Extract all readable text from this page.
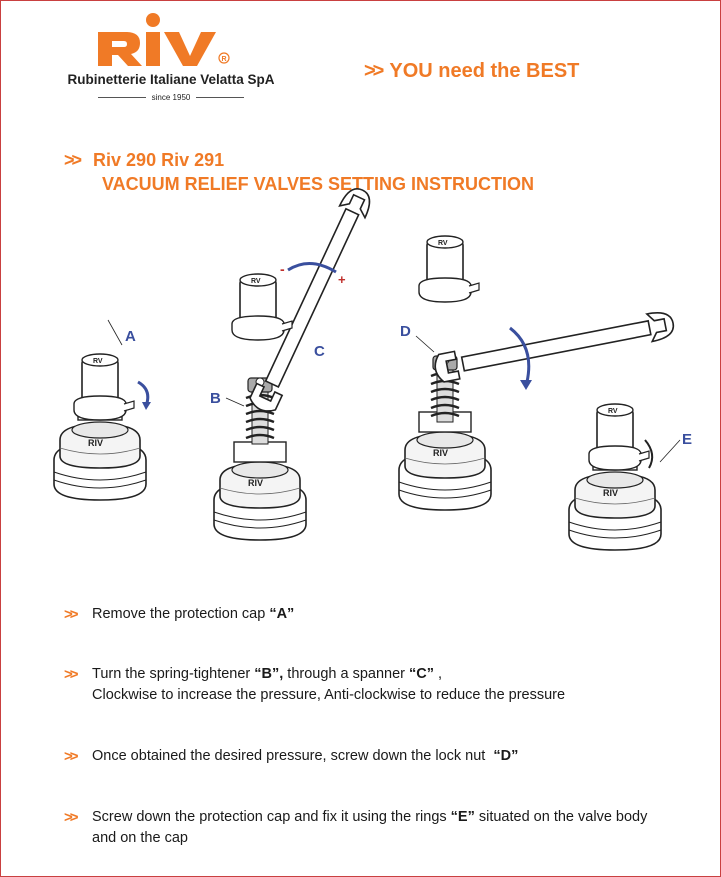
R
Rubinetterie Italiane Velatta SpA
since 1950
>> YOU need the BEST
>> Riv 290 Riv 291
VACUUM RELIEF VALVES SETTING INSTRUCTION
RIV
RV
A
-
+
C
B
D
E
>>	Remove the protection cap “A”
>>	Turn the spring-tightener “B”, through a spanner “C” ,
Clockwise to increase the pressure, Anti-clockwise to reduce the pressure
>>	Once obtained the desired pressure, screw down the lock nut  “D”
>>	Screw down the protection cap and fix it using the rings “E” situated on the valve body
and on the cap
